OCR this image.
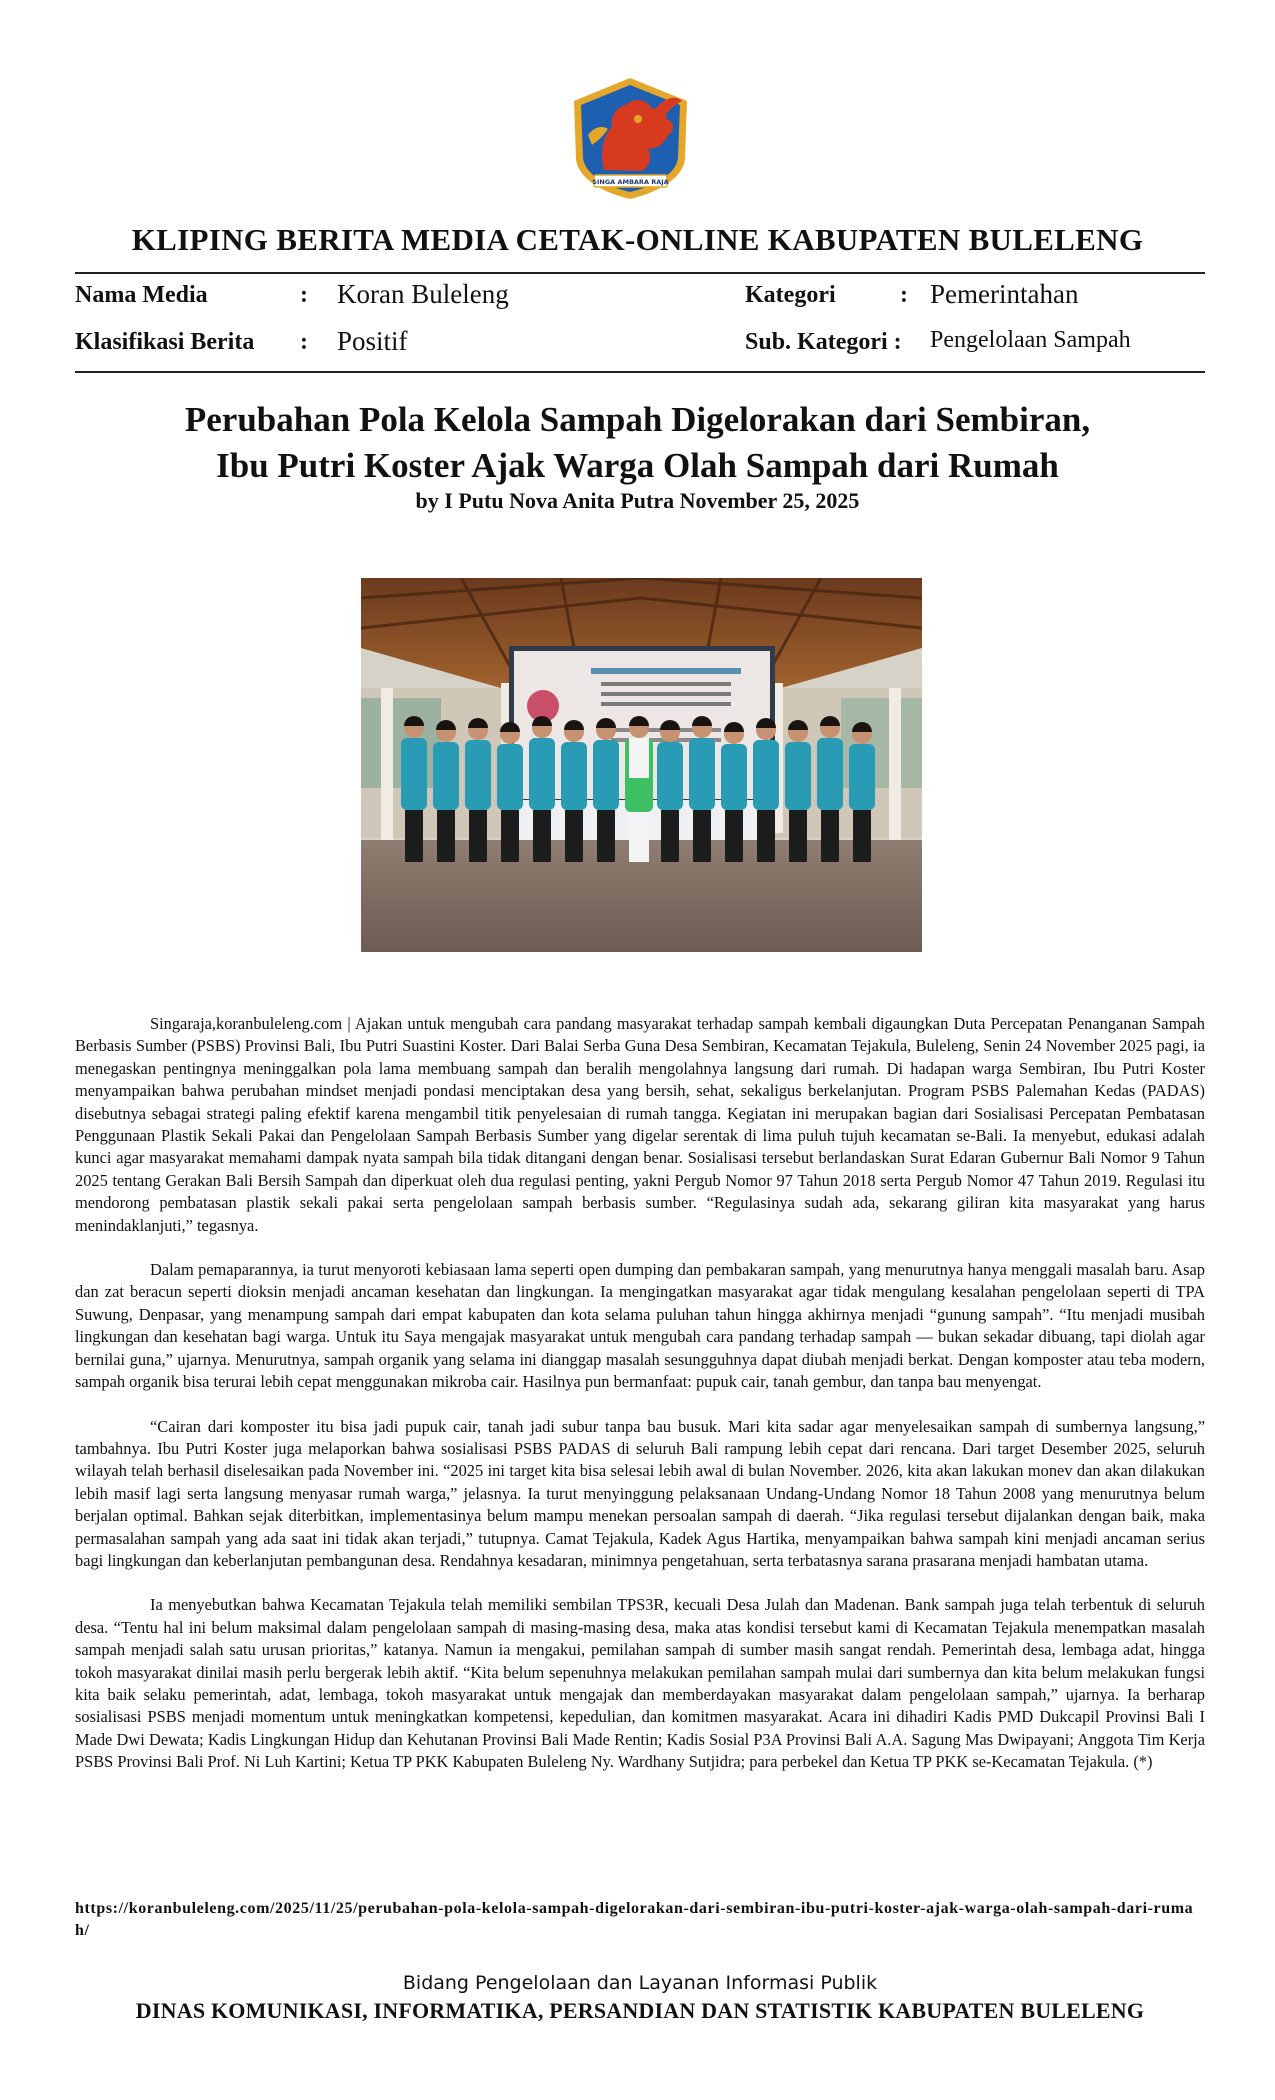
SINGA AMBARA RAJA
KLIPING BERITA MEDIA CETAK-ONLINE KABUPATEN BULELENG
Nama Media	: Koran Buleleng
Klasifikasi Berita : Positif
Kategori	: Pemerintahan
Sub. Kategori : Pengelolaan Sampah
Perubahan Pola Kelola Sampah Digelorakan dari Sembiran,
Ibu Putri Koster Ajak Warga Olah Sampah dari Rumah
by I Putu Nova Anita Putra November 25, 2025

Singaraja,koranbuleleng.com | Ajakan untuk mengubah cara pandang masyarakat terhadap sampah kembali digaungkan Duta Percepatan Penanganan Sampah Berbasis Sumber (PSBS) Provinsi Bali, Ibu Putri Suastini Koster. Dari Balai Serba Guna Desa Sembiran, Kecamatan Tejakula, Buleleng, Senin 24 November 2025 pagi, ia menegaskan pentingnya meninggalkan pola lama membuang sampah dan beralih mengolahnya langsung dari rumah. Di hadapan warga Sembiran, Ibu Putri Koster menyampaikan bahwa perubahan mindset menjadi pondasi menciptakan desa yang bersih, sehat, sekaligus berkelanjutan. Program PSBS Palemahan Kedas (PADAS) disebutnya sebagai strategi paling efektif karena mengambil titik penyelesaian di rumah tangga. Kegiatan ini merupakan bagian dari Sosialisasi Percepatan Pembatasan Penggunaan Plastik Sekali Pakai dan Pengelolaan Sampah Berbasis Sumber yang digelar serentak di lima puluh tujuh kecamatan se-Bali. Ia menyebut, edukasi adalah kunci agar masyarakat memahami dampak nyata sampah bila tidak ditangani dengan benar. Sosialisasi tersebut berlandaskan Surat Edaran Gubernur Bali Nomor 9 Tahun 2025 tentang Gerakan Bali Bersih Sampah dan diperkuat oleh dua regulasi penting, yakni Pergub Nomor 97 Tahun 2018 serta Pergub Nomor 47 Tahun 2019. Regulasi itu mendorong pembatasan plastik sekali pakai serta pengelolaan sampah berbasis sumber. “Regulasinya sudah ada, sekarang giliran kita masyarakat yang harus menindaklanjuti,” tegasnya.

Dalam pemaparannya, ia turut menyoroti kebiasaan lama seperti open dumping dan pembakaran sampah, yang menurutnya hanya menggali masalah baru. Asap dan zat beracun seperti dioksin menjadi ancaman kesehatan dan lingkungan. Ia mengingatkan masyarakat agar tidak mengulang kesalahan pengelolaan seperti di TPA Suwung, Denpasar, yang menampung sampah dari empat kabupaten dan kota selama puluhan tahun hingga akhirnya menjadi “gunung sampah”. “Itu menjadi musibah lingkungan dan kesehatan bagi warga. Untuk itu Saya mengajak masyarakat untuk mengubah cara pandang terhadap sampah — bukan sekadar dibuang, tapi diolah agar bernilai guna,” ujarnya. Menurutnya, sampah organik yang selama ini dianggap masalah sesungguhnya dapat diubah menjadi berkat. Dengan komposter atau teba modern, sampah organik bisa terurai lebih cepat menggunakan mikroba cair. Hasilnya pun bermanfaat: pupuk cair, tanah gembur, dan tanpa bau menyengat.

“Cairan dari komposter itu bisa jadi pupuk cair, tanah jadi subur tanpa bau busuk. Mari kita sadar agar menyelesaikan sampah di sumbernya langsung,” tambahnya. Ibu Putri Koster juga melaporkan bahwa sosialisasi PSBS PADAS di seluruh Bali rampung lebih cepat dari rencana. Dari target Desember 2025, seluruh wilayah telah berhasil diselesaikan pada November ini. “2025 ini target kita bisa selesai lebih awal di bulan November. 2026, kita akan lakukan monev dan akan dilakukan lebih masif lagi serta langsung menyasar rumah warga,” jelasnya. Ia turut menyinggung pelaksanaan Undang-Undang Nomor 18 Tahun 2008 yang menurutnya belum berjalan optimal. Bahkan sejak diterbitkan, implementasinya belum mampu menekan persoalan sampah di daerah. “Jika regulasi tersebut dijalankan dengan baik, maka permasalahan sampah yang ada saat ini tidak akan terjadi,” tutupnya. Camat Tejakula, Kadek Agus Hartika, menyampaikan bahwa sampah kini menjadi ancaman serius bagi lingkungan dan keberlanjutan pembangunan desa. Rendahnya kesadaran, minimnya pengetahuan, serta terbatasnya sarana prasarana menjadi hambatan utama.

Ia menyebutkan bahwa Kecamatan Tejakula telah memiliki sembilan TPS3R, kecuali Desa Julah dan Madenan. Bank sampah juga telah terbentuk di seluruh desa. “Tentu hal ini belum maksimal dalam pengelolaan sampah di masing-masing desa, maka atas kondisi tersebut kami di Kecamatan Tejakula menempatkan masalah sampah menjadi salah satu urusan prioritas,” katanya. Namun ia mengakui, pemilahan sampah di sumber masih sangat rendah. Pemerintah desa, lembaga adat, hingga tokoh masyarakat dinilai masih perlu bergerak lebih aktif. “Kita belum sepenuhnya melakukan pemilahan sampah mulai dari sumbernya dan kita belum melakukan fungsi kita baik selaku pemerintah, adat, lembaga, tokoh masyarakat untuk mengajak dan memberdayakan masyarakat dalam pengelolaan sampah,” ujarnya. Ia berharap sosialisasi PSBS menjadi momentum untuk meningkatkan kompetensi, kepedulian, dan komitmen masyarakat. Acara ini dihadiri Kadis PMD Dukcapil Provinsi Bali I Made Dwi Dewata; Kadis Lingkungan Hidup dan Kehutanan Provinsi Bali Made Rentin; Kadis Sosial P3A Provinsi Bali A.A. Sagung Mas Dwipayani; Anggota Tim Kerja PSBS Provinsi Bali Prof. Ni Luh Kartini; Ketua TP PKK Kabupaten Buleleng Ny. Wardhany Sutjidra; para perbekel dan Ketua TP PKK se-Kecamatan Tejakula. (*)

https://koranbuleleng.com/2025/11/25/perubahan-pola-kelola-sampah-digelorakan-dari-sembiran-ibu-putri-koster-ajak-warga-olah-sampah-dari-rumah/
Bidang Pengelolaan dan Layanan Informasi Publik
DINAS KOMUNIKASI, INFORMATIKA, PERSANDIAN DAN STATISTIK KABUPATEN BULELENG
